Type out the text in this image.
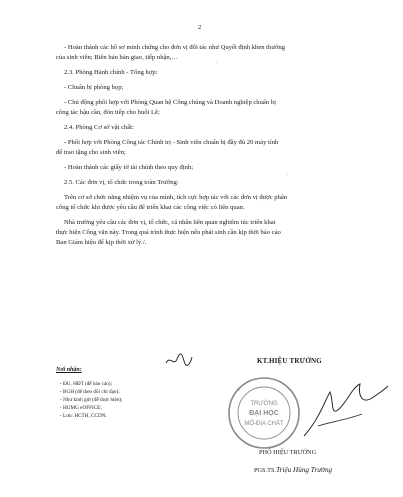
2
- Hoàn thành các hồ sơ minh chứng cho đơn vị đối tác như Quyết định khen thưởng
của sinh viên; Biên bản bàn giao, tiếp nhận,…
2.3. Phòng Hành chính - Tổng hợp:
- Chuẩn bị phòng họp;
- Chủ động phối hợp với Phòng Quan hệ Công chúng và Doanh nghiệp chuẩn bị
công tác hậu cần, đón tiếp cho buổi Lễ;
2.4. Phòng Cơ sở vật chất:
- Phối hợp với Phòng Công tác Chính trị - Sinh viên chuẩn bị đầy đủ 20 máy tính
để trao tặng cho sinh viên;
- Hoàn thành các giấy tờ tài chính theo quy định;
2.5. Các đơn vị, tổ chức trong toàn Trường:
Trên cơ sở chức năng nhiệm vụ của mình, tích cực hợp tác với các đơn vị được phân
công tổ chức khi được yêu cầu để triển khai các công việc có liên quan.
Nhà trường yêu cầu các đơn vị, tổ chức, cá nhân liên quan nghiêm túc triển khai
thực hiện Công văn này. Trong quá trình thực hiện nếu phát sinh cần kịp thời báo cáo
Ban Giám hiệu để kịp thời xử lý./.
·
·
Nơi nhận:
- ĐU, HĐT (để báo cáo);
- BGH (để theo dõi chỉ đạo);
- Như kính gửi (để thực hiện);
- HUMG eOFFICE;
- Lưu: HCTH, CCDN.
KT.HIỆU TRƯỞNG
TRƯỜNG
ĐẠI HỌC
MỎ-ĐỊA CHẤT
★
PHÓ HIỆU TRƯỞNG
PGS.TS.Triệu Hùng Trường
